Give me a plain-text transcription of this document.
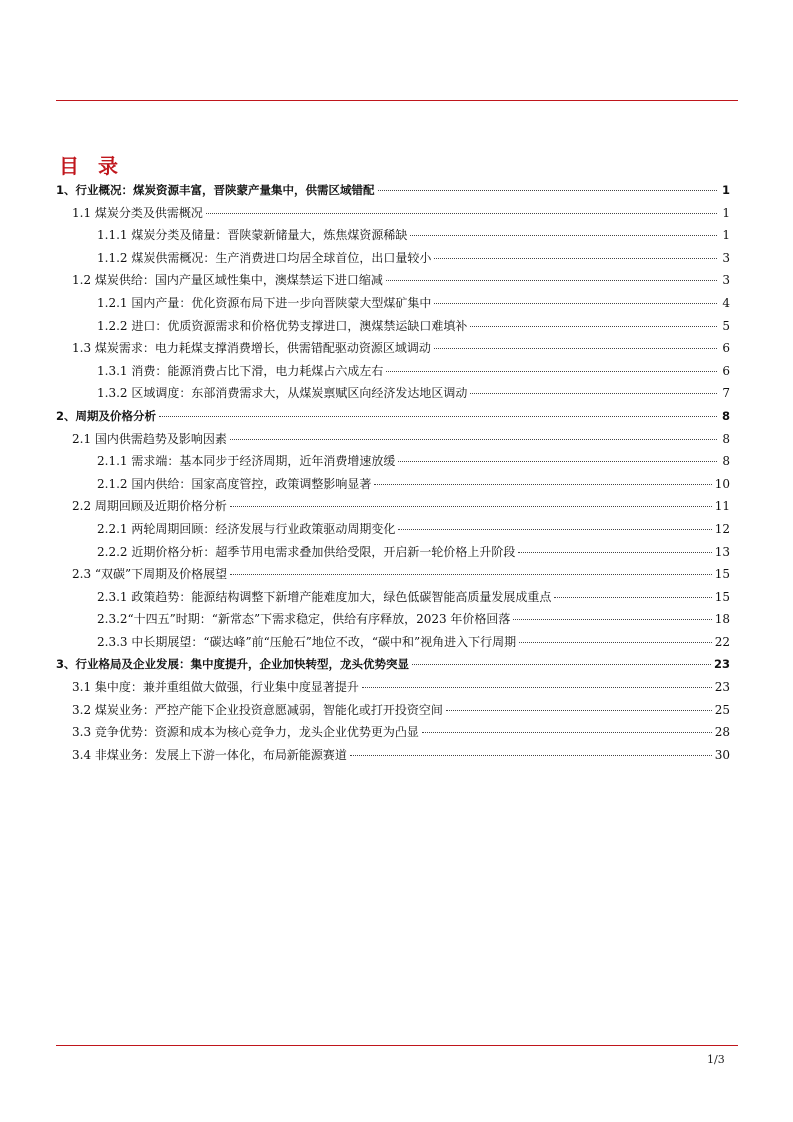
目 录
1、行业概况：煤炭资源丰富，晋陕蒙产量集中，供需区域错配	1
1.1 煤炭分类及供需概况	1
1.1.1 煤炭分类及储量：晋陕蒙新储量大，炼焦煤资源稀缺	1
1.1.2 煤炭供需概况：生产消费进口均居全球首位，出口量较小	3
1.2 煤炭供给：国内产量区域性集中，澳煤禁运下进口缩减	3
1.2.1 国内产量：优化资源布局下进一步向晋陕蒙大型煤矿集中	4
1.2.2 进口：优质资源需求和价格优势支撑进口，澳煤禁运缺口难填补	5
1.3 煤炭需求：电力耗煤支撑消费增长，供需错配驱动资源区域调动	6
1.3.1 消费：能源消费占比下滑，电力耗煤占六成左右	6
1.3.2 区域调度：东部消费需求大，从煤炭禀赋区向经济发达地区调动	7
2、周期及价格分析	8
2.1 国内供需趋势及影响因素	8
2.1.1 需求端：基本同步于经济周期，近年消费增速放缓	8
2.1.2 国内供给：国家高度管控，政策调整影响显著	10
2.2 周期回顾及近期价格分析	11
2.2.1 两轮周期回顾：经济发展与行业政策驱动周期变化	12
2.2.2 近期价格分析：超季节用电需求叠加供给受限，开启新一轮价格上升阶段	13
2.3 “双碳”下周期及价格展望	15
2.3.1 政策趋势：能源结构调整下新增产能难度加大，绿色低碳智能高质量发展成重点	15
2.3.2“十四五”时期：“新常态”下需求稳定，供给有序释放，2023 年价格回落	18
2.3.3 中长期展望：“碳达峰”前“压舱石”地位不改，“碳中和”视角进入下行周期	22
3、行业格局及企业发展：集中度提升，企业加快转型，龙头优势突显	23
3.1 集中度：兼并重组做大做强，行业集中度显著提升	23
3.2 煤炭业务：严控产能下企业投资意愿减弱，智能化或打开投资空间	25
3.3 竞争优势：资源和成本为核心竞争力，龙头企业优势更为凸显	28
3.4 非煤业务：发展上下游一体化，布局新能源赛道	30
1/3
